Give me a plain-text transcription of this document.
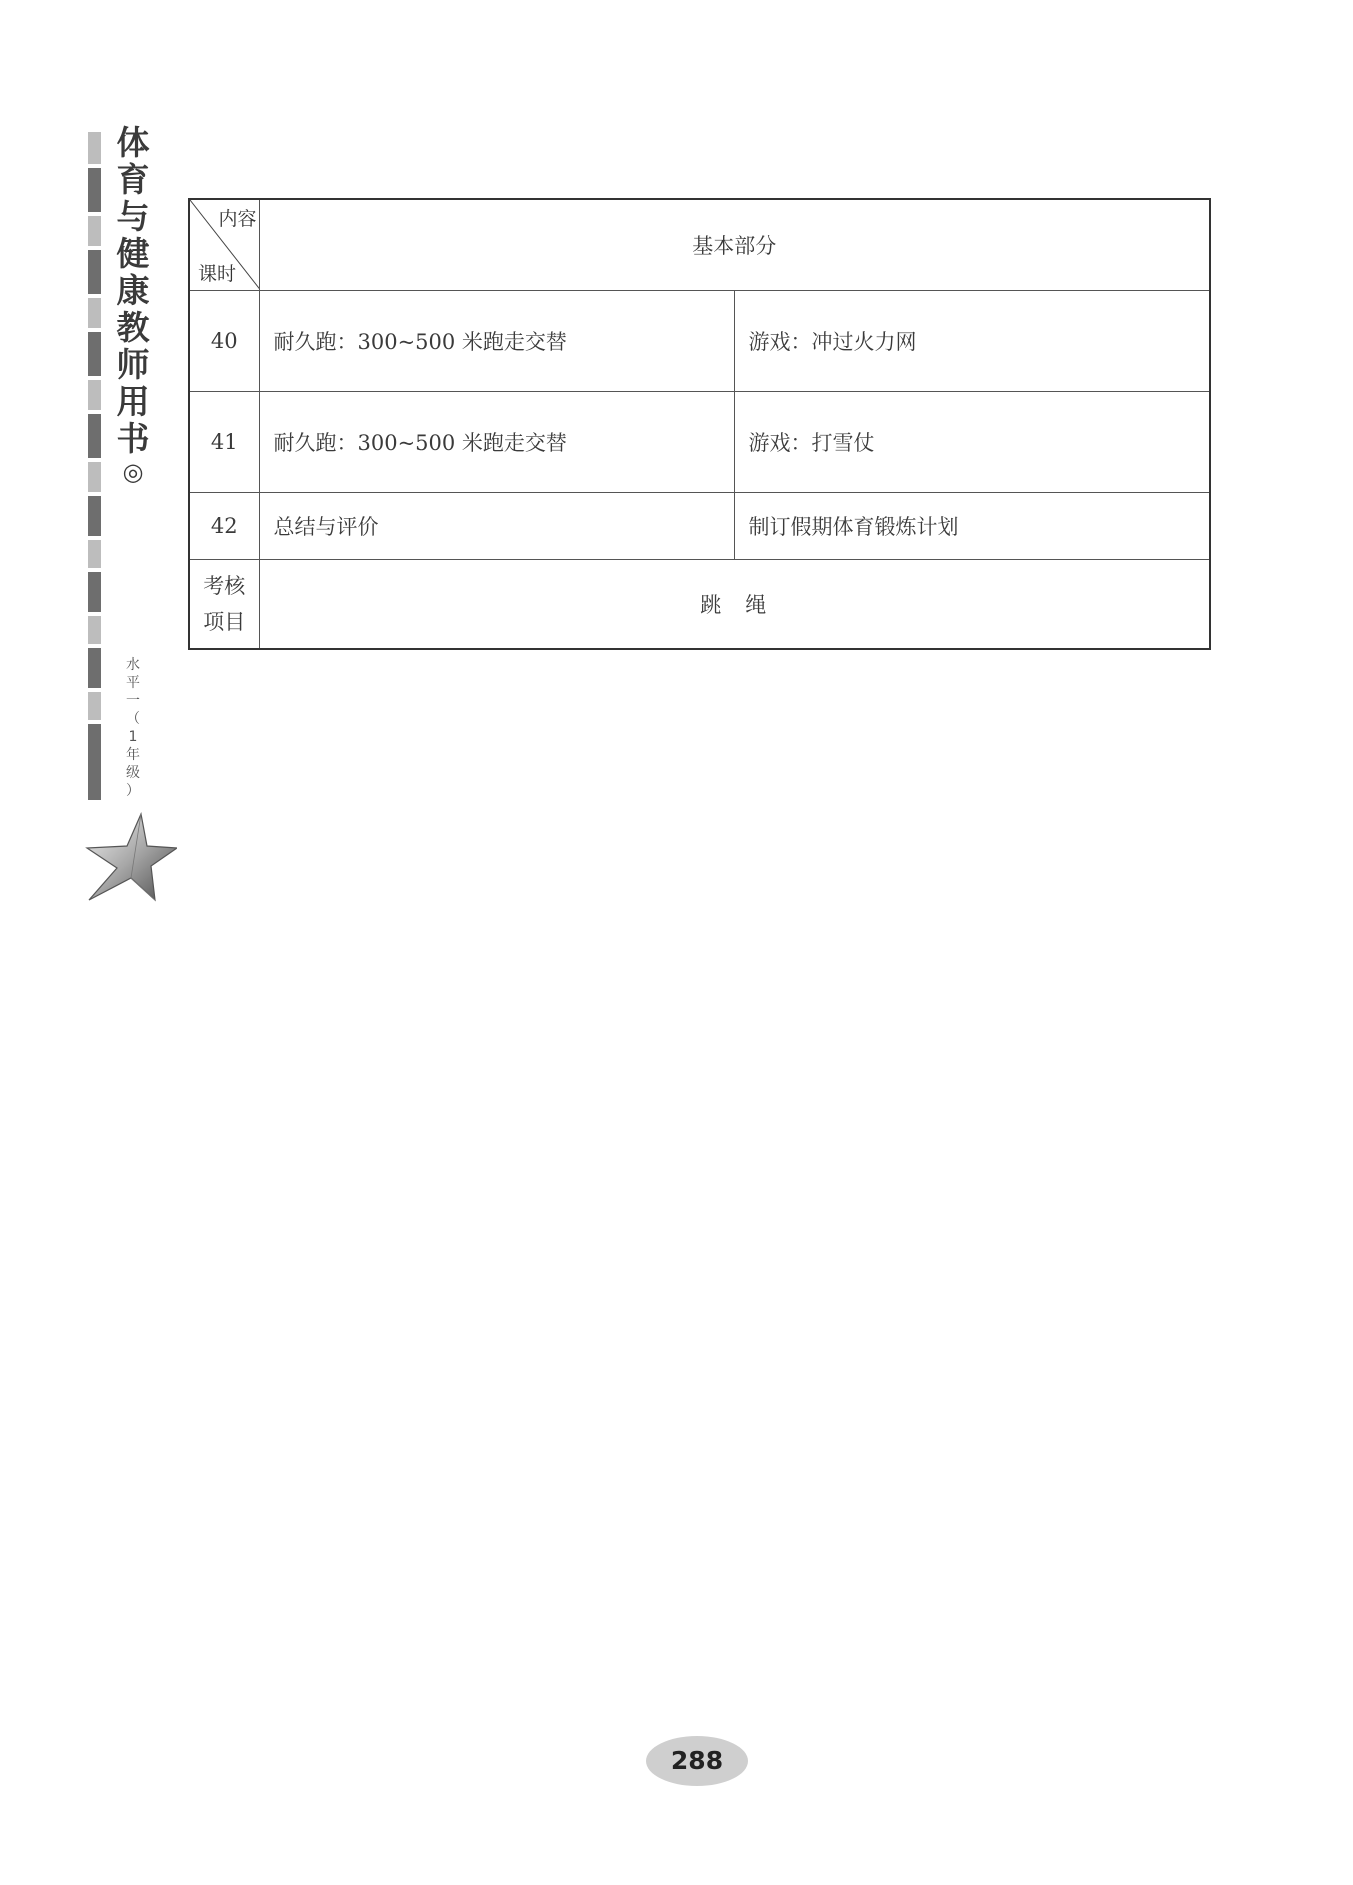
体
育
与
健
康
教
师
用
书
◎
水
平
一
（
1
年
级
）
内容
课时	基本部分	
40	耐久跑：300~500 米跑走交替	游戏：冲过火力网
41	耐久跑：300~500 米跑走交替	游戏：打雪仗
42	总结与评价	制订假期体育锻炼计划

考核
项目	跳 绳	
288
